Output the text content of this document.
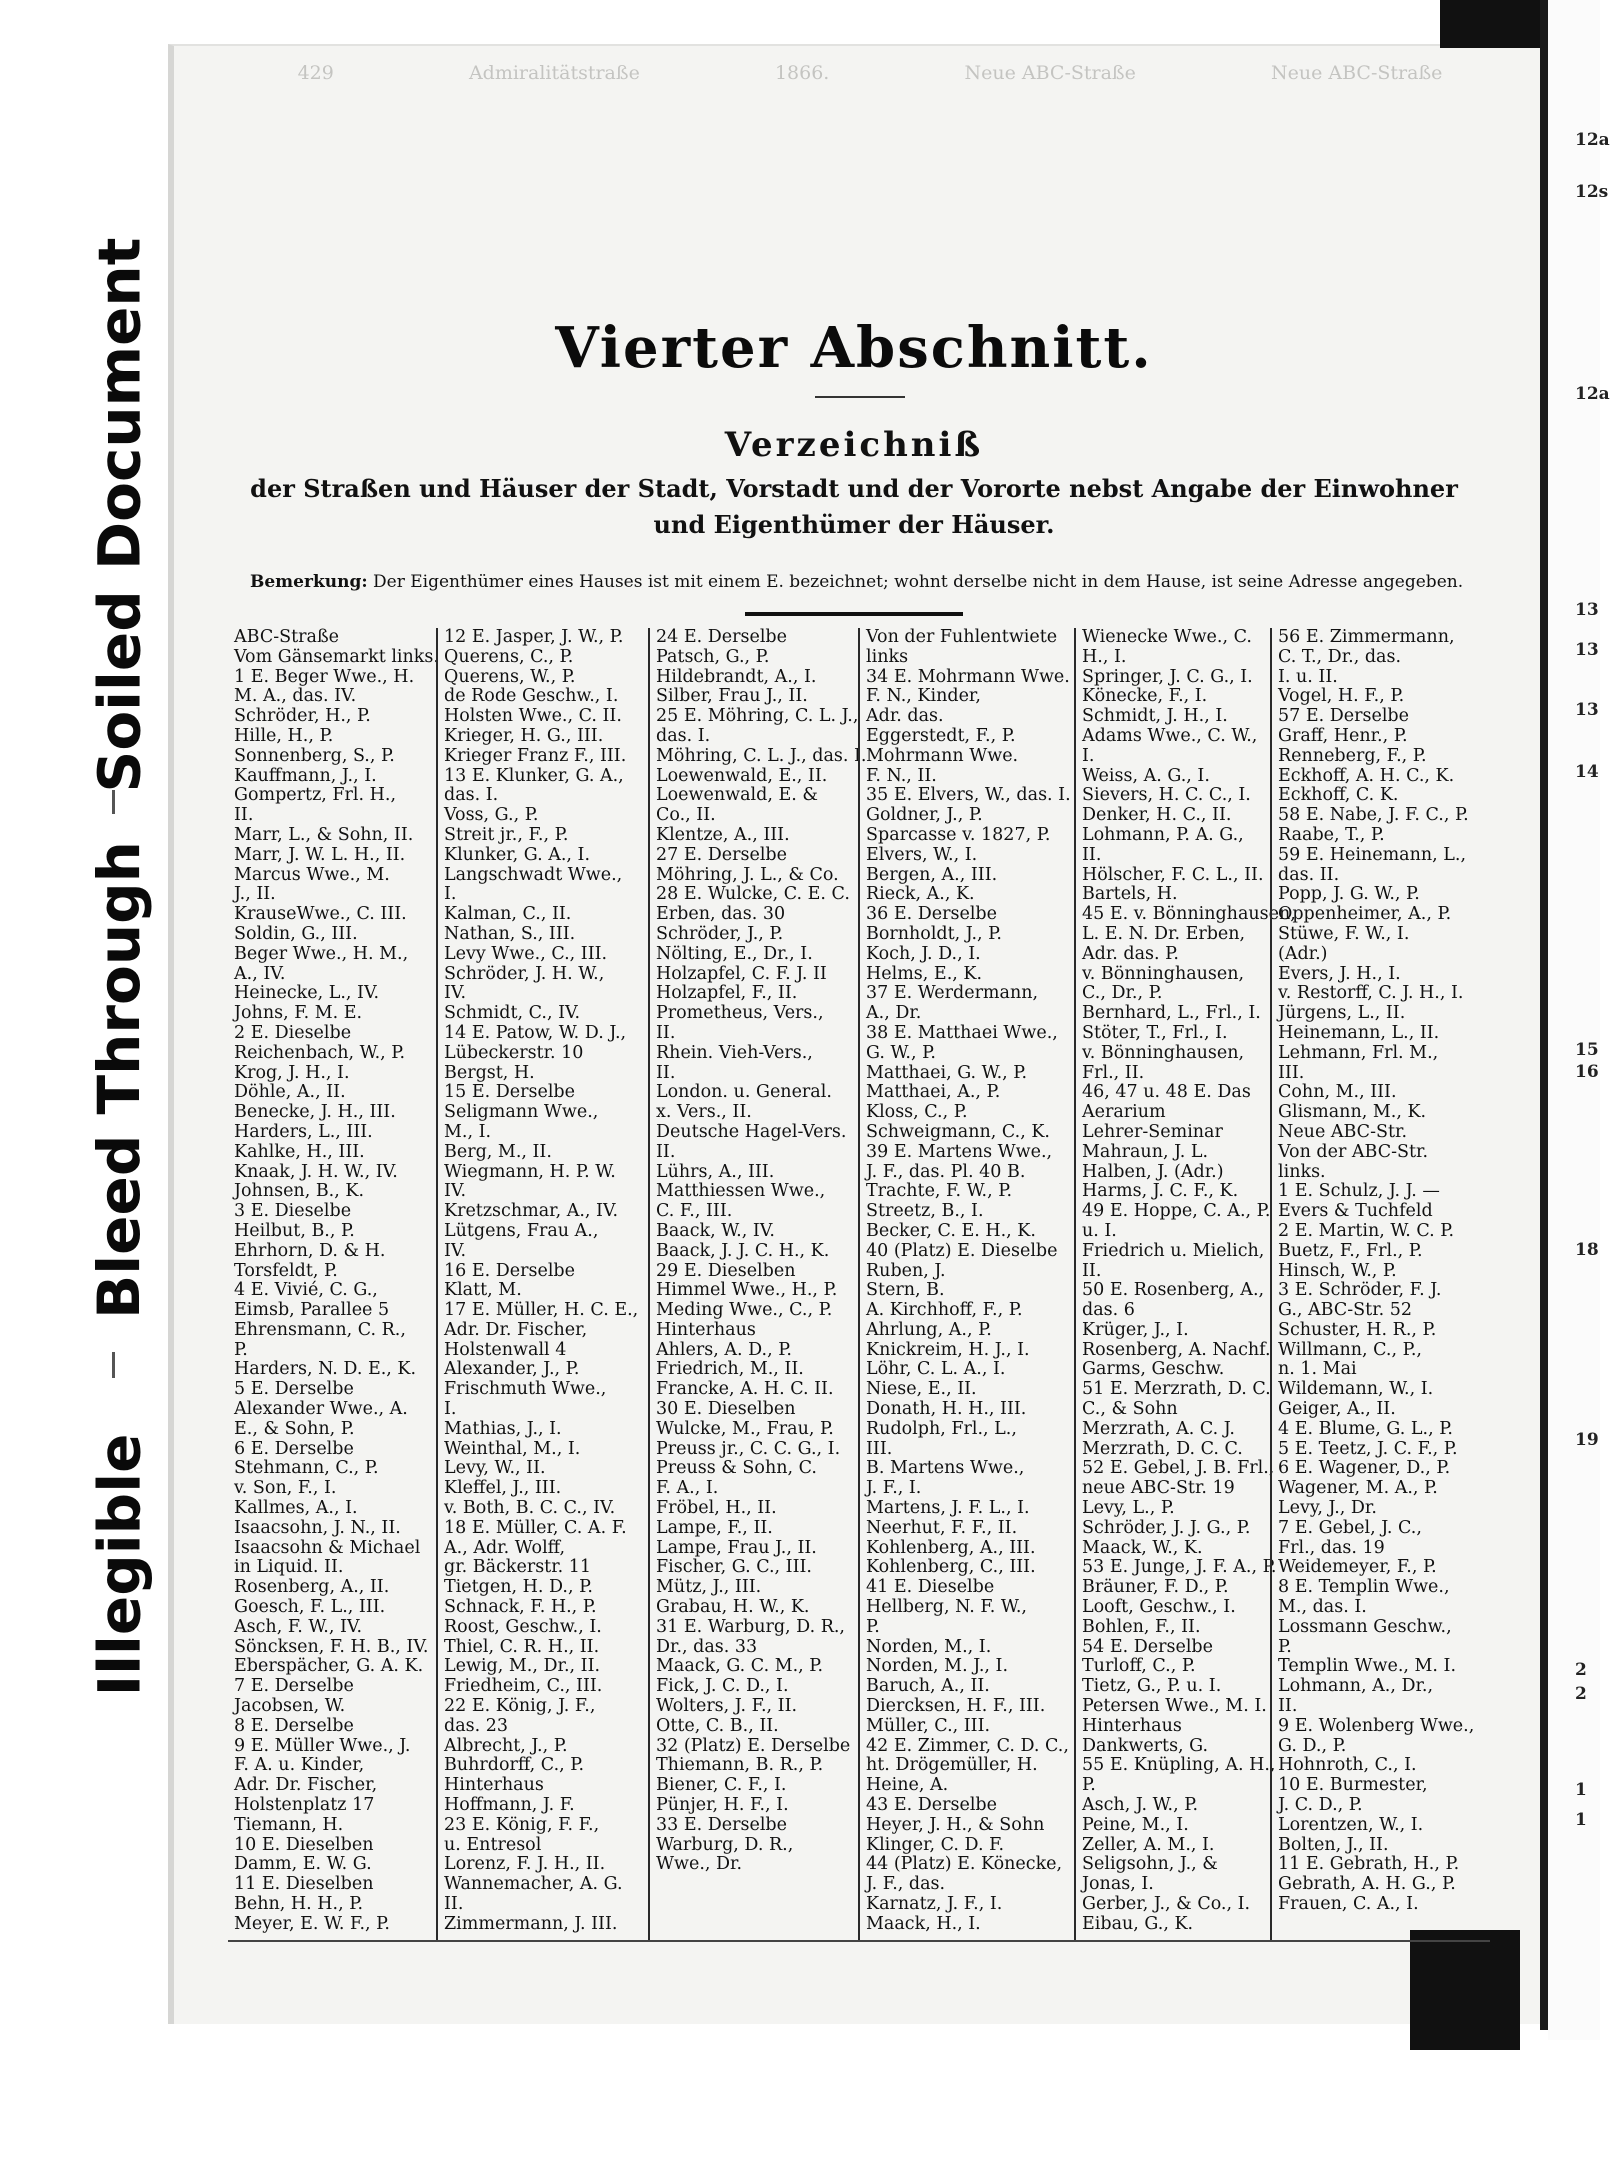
Illegible
Bleed Through
Soiled Document
12a
12s
12a
13
13
13
14
15
16
18
19
2
2
1
1
429	Admiralitätstraße	1866.	Neue ABC-Straße	Neue ABC-Straße
Vierter Abschnitt.
Verzeichniß
der Straßen und Häuser der Stadt, Vorstadt und der Vororte nebst Angabe der Einwohner
und Eigenthümer der Häuser.
Bemerkung: Der Eigenthümer eines Hauses ist mit einem E. bezeichnet; wohnt derselbe nicht in dem Hause, ist seine Adresse angegeben.
ABC-Straße
Vom Gänsemarkt links.
1 E. Beger Wwe., H.
M. A., das. IV.
Schröder, H., P.
Hille, H., P.
Sonnenberg, S., P.
Kauffmann, J., I.
Gompertz, Frl. H.,
II.
Marr, L., & Sohn, II.
Marr, J. W. L. H., II.
Marcus Wwe., M.
J., II.
KrauseWwe., C. III.
Soldin, G., III.
Beger Wwe., H. M.,
A., IV.
Heinecke, L., IV.
Johns, F. M. E.
2 E. Dieselbe
Reichenbach, W., P.
Krog, J. H., I.
Döhle, A., II.
Benecke, J. H., III.
Harders, L., III.
Kahlke, H., III.
Knaak, J. H. W., IV.
Johnsen, B., K.
3 E. Dieselbe
Heilbut, B., P.
Ehrhorn, D. & H.
Torsfeldt, P.
4 E. Vivié, C. G.,
Eimsb, Parallee 5
Ehrensmann, C. R.,
P.
Harders, N. D. E., K.
5 E. Derselbe
Alexander Wwe., A.
E., & Sohn, P.
6 E. Derselbe
Stehmann, C., P.
v. Son, F., I.
Kallmes, A., I.
Isaacsohn, J. N., II.
Isaacsohn & Michael
in Liquid. II.
Rosenberg, A., II.
Goesch, F. L., III.
Asch, F. W., IV.
Söncksen, F. H. B., IV.
Eberspächer, G. A. K.
7 E. Derselbe
Jacobsen, W.
8 E. Derselbe
9 E. Müller Wwe., J.
F. A. u. Kinder,
Adr. Dr. Fischer,
Holstenplatz 17
Tiemann, H.
10 E. Dieselben
Damm, E. W. G.
11 E. Dieselben
Behn, H. H., P.
Meyer, E. W. F., P.
12 E. Jasper, J. W., P.
Querens, C., P.
Querens, W., P.
de Rode Geschw., I.
Holsten Wwe., C. II.
Krieger, H. G., III.
Krieger Franz F., III.
13 E. Klunker, G. A.,
das. I.
Voss, G., P.
Streit jr., F., P.
Klunker, G. A., I.
Langschwadt Wwe.,
I.
Kalman, C., II.
Nathan, S., III.
Levy Wwe., C., III.
Schröder, J. H. W.,
IV.
Schmidt, C., IV.
14 E. Patow, W. D. J.,
Lübeckerstr. 10
Bergst, H.
15 E. Derselbe
Seligmann Wwe.,
M., I.
Berg, M., II.
Wiegmann, H. P. W.
IV.
Kretzschmar, A., IV.
Lütgens, Frau A.,
IV.
16 E. Derselbe
Klatt, M.
17 E. Müller, H. C. E.,
Adr. Dr. Fischer,
Holstenwall 4
Alexander, J., P.
Frischmuth Wwe.,
I.
Mathias, J., I.
Weinthal, M., I.
Levy, W., II.
Kleffel, J., III.
v. Both, B. C. C., IV.
18 E. Müller, C. A. F.
A., Adr. Wolff,
gr. Bäckerstr. 11
Tietgen, H. D., P.
Schnack, F. H., P.
Roost, Geschw., I.
Thiel, C. R. H., II.
Lewig, M., Dr., II.
Friedheim, C., III.
22 E. König, J. F.,
das. 23
Albrecht, J., P.
Buhrdorff, C., P.
Hinterhaus
Hoffmann, J. F.
23 E. König, F. F.,
u. Entresol
Lorenz, F. J. H., II.
Wannemacher, A. G.
II.
Zimmermann, J. III.
24 E. Derselbe
Patsch, G., P.
Hildebrandt, A., I.
Silber, Frau J., II.
25 E. Möhring, C. L. J.,
das. I.
Möhring, C. L. J., das. I.
Loewenwald, E., II.
Loewenwald, E. &
Co., II.
Klentze, A., III.
27 E. Derselbe
Möhring, J. L., & Co.
28 E. Wulcke, C. E. C.
Erben, das. 30
Schröder, J., P.
Nölting, E., Dr., I.
Holzapfel, C. F. J. II
Holzapfel, F., II.
Prometheus, Vers.,
II.
Rhein. Vieh-Vers.,
II.
London. u. General.
x. Vers., II.
Deutsche Hagel-Vers.
II.
Lührs, A., III.
Matthiessen Wwe.,
C. F., III.
Baack, W., IV.
Baack, J. J. C. H., K.
29 E. Dieselben
Himmel Wwe., H., P.
Meding Wwe., C., P.
Hinterhaus
Ahlers, A. D., P.
Friedrich, M., II.
Francke, A. H. C. II.
30 E. Dieselben
Wulcke, M., Frau, P.
Preuss jr., C. C. G., I.
Preuss & Sohn, C.
F. A., I.
Fröbel, H., II.
Lampe, F., II.
Lampe, Frau J., II.
Fischer, G. C., III.
Mütz, J., III.
Grabau, H. W., K.
31 E. Warburg, D. R.,
Dr., das. 33
Maack, G. C. M., P.
Fick, J. C. D., I.
Wolters, J. F., II.
Otte, C. B., II.
32 (Platz) E. Derselbe
Thiemann, B. R., P.
Biener, C. F., I.
Pünjer, H. F., I.
33 E. Derselbe
Warburg, D. R.,
Wwe., Dr.
Von der Fuhlentwiete
links
34 E. Mohrmann Wwe.
F. N., Kinder,
Adr. das.
Eggerstedt, F., P.
Mohrmann Wwe.
F. N., II.
35 E. Elvers, W., das. I.
Goldner, J., P.
Sparcasse v. 1827, P.
Elvers, W., I.
Bergen, A., III.
Rieck, A., K.
36 E. Derselbe
Bornholdt, J., P.
Koch, J. D., I.
Helms, E., K.
37 E. Werdermann,
A., Dr.
38 E. Matthaei Wwe.,
G. W., P.
Matthaei, G. W., P.
Matthaei, A., P.
Kloss, C., P.
Schweigmann, C., K.
39 E. Martens Wwe.,
J. F., das. Pl. 40 B.
Trachte, F. W., P.
Streetz, B., I.
Becker, C. E. H., K.
40 (Platz) E. Dieselbe
Ruben, J.
Stern, B.
A. Kirchhoff, F., P.
Ahrlung, A., P.
Knickreim, H. J., I.
Löhr, C. L. A., I.
Niese, E., II.
Donath, H. H., III.
Rudolph, Frl., L.,
III.
B. Martens Wwe.,
J. F., I.
Martens, J. F. L., I.
Neerhut, F. F., II.
Kohlenberg, A., III.
Kohlenberg, C., III.
41 E. Dieselbe
Hellberg, N. F. W.,
P.
Norden, M., I.
Norden, M. J., I.
Baruch, A., II.
Diercksen, H. F., III.
Müller, C., III.
42 E. Zimmer, C. D. C.,
ht. Drögemüller, H.
Heine, A.
43 E. Derselbe
Heyer, J. H., & Sohn
Klinger, C. D. F.
44 (Platz) E. Könecke,
J. F., das.
Karnatz, J. F., I.
Maack, H., I.
Wienecke Wwe., C.
H., I.
Springer, J. C. G., I.
Könecke, F., I.
Schmidt, J. H., I.
Adams Wwe., C. W.,
I.
Weiss, A. G., I.
Sievers, H. C. C., I.
Denker, H. C., II.
Lohmann, P. A. G.,
II.
Hölscher, F. C. L., II.
Bartels, H.
45 E. v. Bönninghausen,
L. E. N. Dr. Erben,
Adr. das. P.
v. Bönninghausen,
C., Dr., P.
Bernhard, L., Frl., I.
Stöter, T., Frl., I.
v. Bönninghausen,
Frl., II.
46, 47 u. 48 E. Das
Aerarium
Lehrer-Seminar
Mahraun, J. L.
Halben, J. (Adr.)
Harms, J. C. F., K.
49 E. Hoppe, C. A., P.
u. I.
Friedrich u. Mielich,
II.
50 E. Rosenberg, A.,
das. 6
Krüger, J., I.
Rosenberg, A. Nachf.
Garms, Geschw.
51 E. Merzrath, D. C.
C., & Sohn
Merzrath, A. C. J.
Merzrath, D. C. C.
52 E. Gebel, J. B. Frl.,
neue ABC-Str. 19
Levy, L., P.
Schröder, J. J. G., P.
Maack, W., K.
53 E. Junge, J. F. A., P.
Bräuner, F. D., P.
Looft, Geschw., I.
Bohlen, F., II.
54 E. Derselbe
Turloff, C., P.
Tietz, G., P. u. I.
Petersen Wwe., M. I.
Hinterhaus
Dankwerts, G.
55 E. Knüpling, A. H.,
P.
Asch, J. W., P.
Peine, M., I.
Zeller, A. M., I.
Seligsohn, J., &
Jonas, I.
Gerber, J., & Co., I.
Eibau, G., K.
56 E. Zimmermann,
C. T., Dr., das.
I. u. II.
Vogel, H. F., P.
57 E. Derselbe
Graff, Henr., P.
Renneberg, F., P.
Eckhoff, A. H. C., K.
Eckhoff, C. K.
58 E. Nabe, J. F. C., P.
Raabe, T., P.
59 E. Heinemann, L.,
das. II.
Popp, J. G. W., P.
Oppenheimer, A., P.
Stüwe, F. W., I.
(Adr.)
Evers, J. H., I.
v. Restorff, C. J. H., I.
Jürgens, L., II.
Heinemann, L., II.
Lehmann, Frl. M.,
III.
Cohn, M., III.
Glismann, M., K.
Neue ABC-Str.
Von der ABC-Str.
links.
1 E. Schulz, J. J. —
Evers & Tuchfeld
2 E. Martin, W. C. P.
Buetz, F., Frl., P.
Hinsch, W., P.
3 E. Schröder, F. J.
G., ABC-Str. 52
Schuster, H. R., P.
Willmann, C., P.,
n. 1. Mai
Wildemann, W., I.
Geiger, A., II.
4 E. Blume, G. L., P.
5 E. Teetz, J. C. F., P.
6 E. Wagener, D., P.
Wagener, M. A., P.
Levy, J., Dr.
7 E. Gebel, J. C.,
Frl., das. 19
Weidemeyer, F., P.
8 E. Templin Wwe.,
M., das. I.
Lossmann Geschw.,
P.
Templin Wwe., M. I.
Lohmann, A., Dr.,
II.
9 E. Wolenberg Wwe.,
G. D., P.
Hohnroth, C., I.
10 E. Burmester,
J. C. D., P.
Lorentzen, W., I.
Bolten, J., II.
11 E. Gebrath, H., P.
Gebrath, A. H. G., P.
Frauen, C. A., I.
